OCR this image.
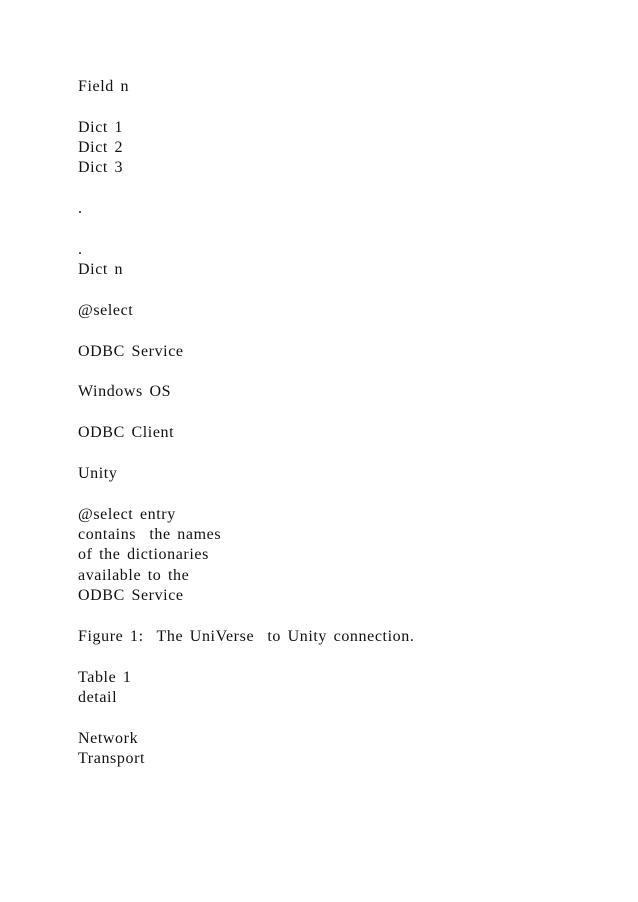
Field n
Dict 1
Dict 2
Dict 3
.
.
Dict n
@select
ODBC Service
Windows OS
ODBC Client
Unity
@select entry
contains  the names
of the dictionaries
available to the
ODBC Service
Figure 1:  The UniVerse  to Unity connection.
Table 1
detail
Network
Transport
